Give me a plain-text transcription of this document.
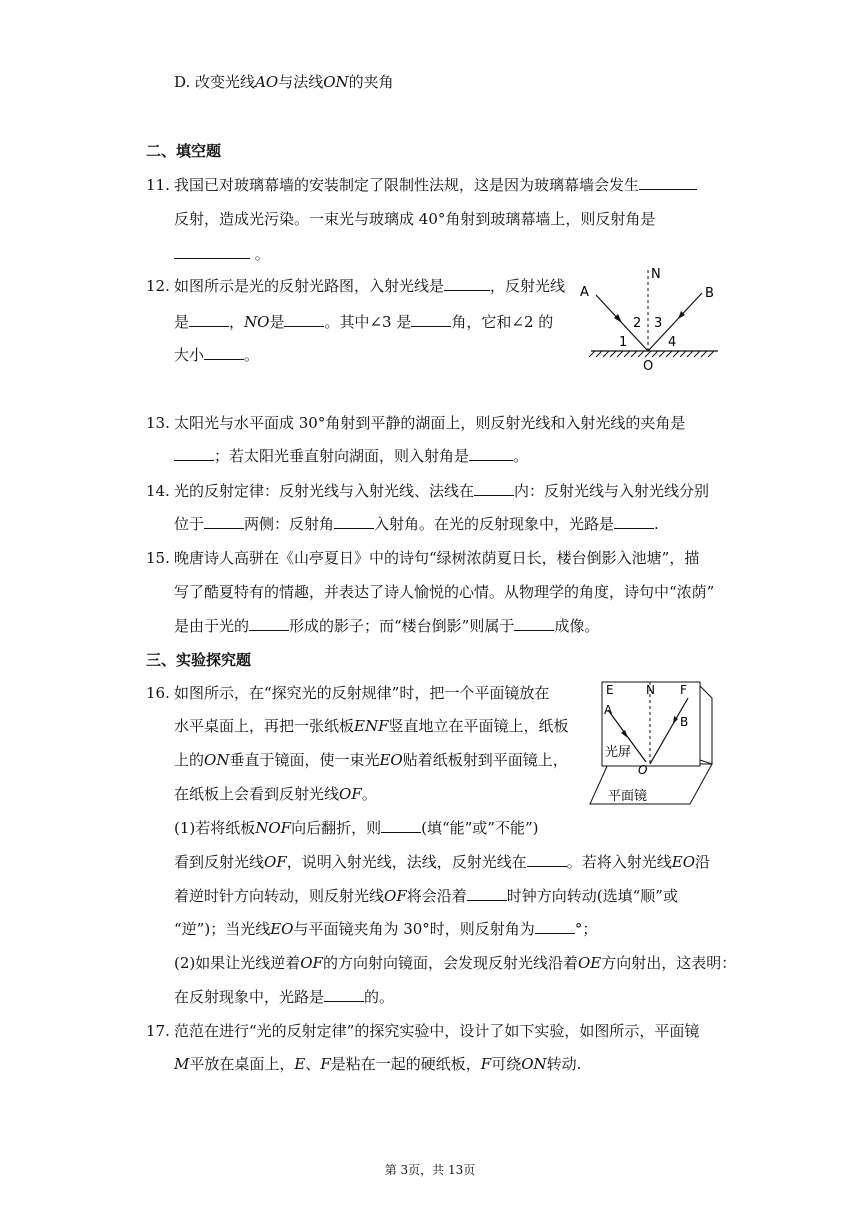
D. 改变光线AO与法线ON的夹角
二、填空题
11. 我国已对玻璃幕墙的安装制定了限制性法规，这是因为玻璃幕墙会发生
反射，造成光污染。一束光与玻璃成 40°角射到玻璃幕墙上，则反射角是
。
12. 如图所示是光的反射光路图，入射光线是	，反射光线
是	，NO是	。其中∠3 是	角，它和∠2 的
大小	。
N
A	B
O
1
2 3
4
13. 太阳光与水平面成 30°角射到平静的湖面上，则反射光线和入射光线的夹角是
；若太阳光垂直射向湖面，则入射角是	。
14. 光的反射定律：反射光线与入射光线、法线在	内：反射光线与入射光线分别
位于	两侧：反射角	入射角。在光的反射现象中，光路是	.
15. 晚唐诗人高骈在《山亭夏日》中的诗句“绿树浓荫夏日长，楼台倒影入池塘”，描
写了酷夏特有的情趣，并表达了诗人愉悦的心情。从物理学的角度，诗句中“浓荫”
是由于光的	形成的影子；而“楼台倒影”则属于	成像。
三、实验探究题
16. 如图所示，在“探究光的反射规律”时，把一个平面镜放在
水平桌面上，再把一张纸板ENF竖直地立在平面镜上，纸板
上的ON垂直于镜面，使一束光EO贴着纸板射到平面镜上，
在纸板上会看到反射光线OF。
(1)若将纸板NOF向后翻折，则	(填“能”或”不能”)
看到反射光线OF，说明入射光线，法线，反射光线在	。若将入射光线EO沿
着逆时针方向转动，则反射光线OF将会沿着	时钟方向转动(选填“顺”或
“逆”)；当光线EO与平面镜夹角为 30°时，则反射角为	°；
(2)如果让光线逆着OF的方向射向镜面，会发现反射光线沿着OE方向射出，这表明：
在反射现象中，光路是	的。
E	N F
A
B
O
光屏
平面镜
17. 范范在进行“光的反射定律”的探究实验中，设计了如下实验，如图所示，平面镜
M平放在桌面上，E、F是粘在一起的硬纸板，F可绕ON转动.
第 3页，共 13页
